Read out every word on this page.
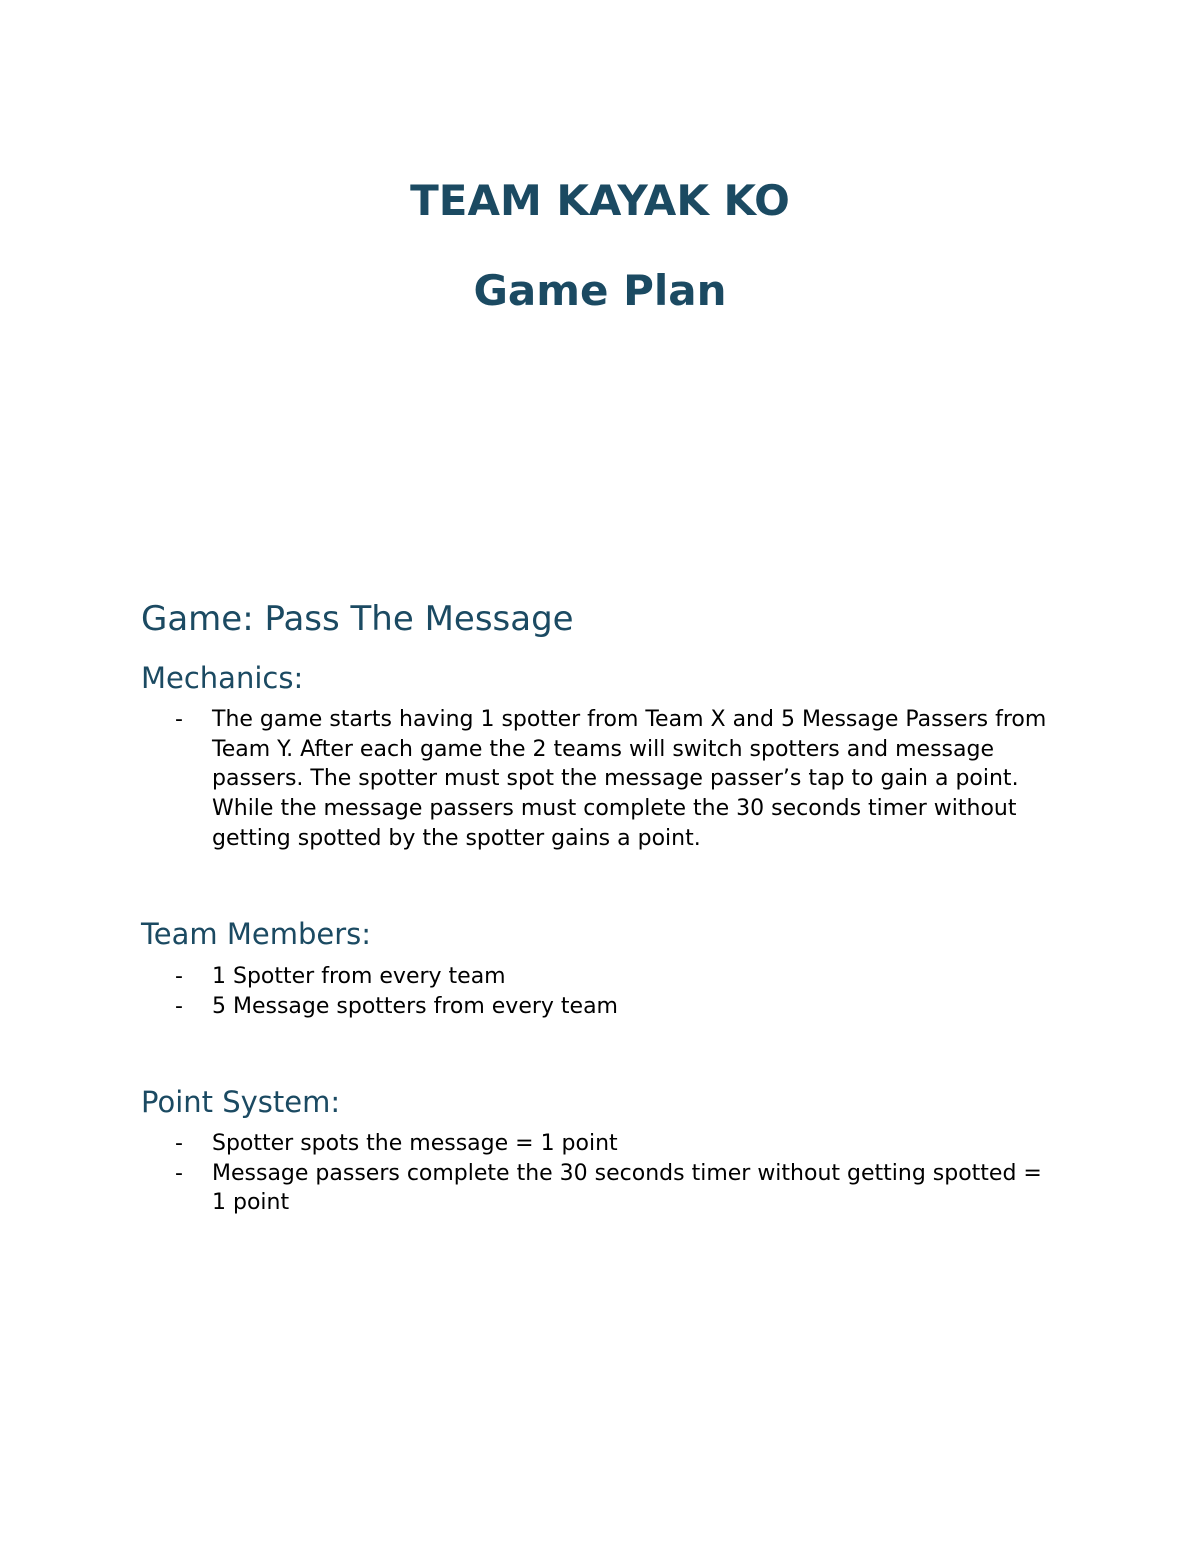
TEAM KAYAK KO
Game Plan
Game: Pass The Message
Mechanics:
- The game starts having 1 spotter from Team X and 5 Message Passers from Team Y. After each game the 2 teams will switch spotters and message passers. The spotter must spot the message passer’s tap to gain a point. While the message passers must complete the 30 seconds timer without getting spotted by the spotter gains a point.
Team Members:
- 1 Spotter from every team
- 5 Message spotters from every team
Point System:
- Spotter spots the message = 1 point
- Message passers complete the 30 seconds timer without getting spotted = 1 point
